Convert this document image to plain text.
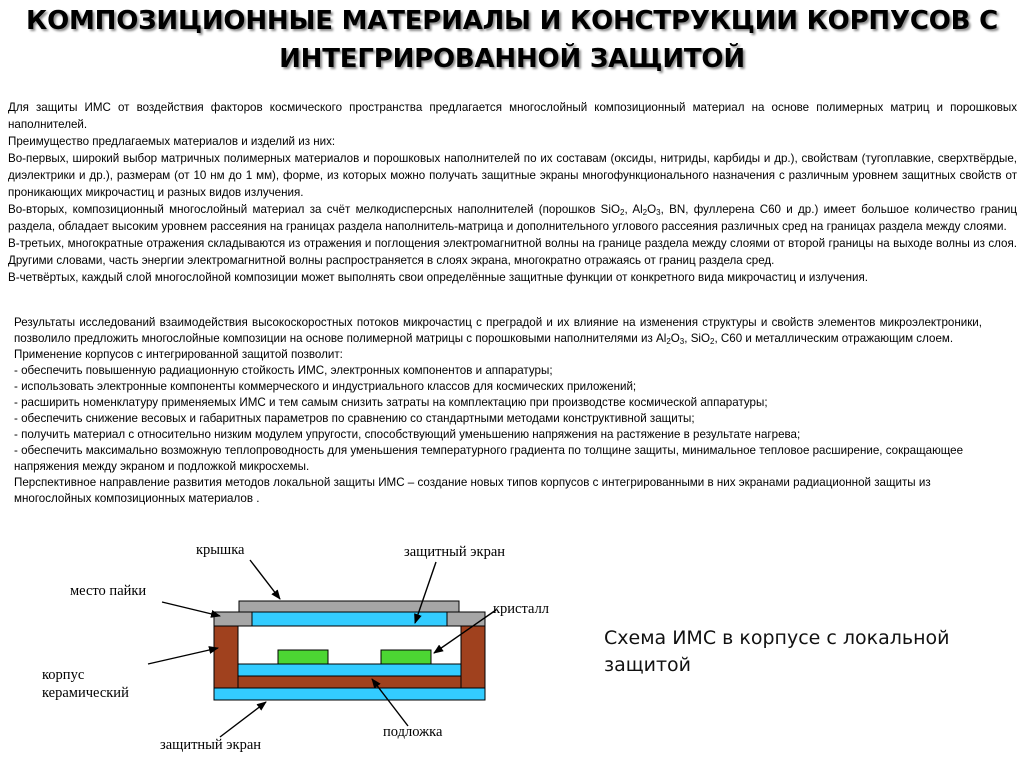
КОМПОЗИЦИОННЫЕ МАТЕРИАЛЫ И КОНСТРУКЦИИ КОРПУСОВ С
ИНТЕГРИРОВАННОЙ ЗАЩИТОЙ

Для защиты ИМС от воздействия факторов космического пространства предлагается многослойный композиционный материал на основе полимерных матриц и порошковых наполнителей.

Преимущество предлагаемых материалов и изделий из них:

Во-первых, широкий выбор матричных полимерных материалов и порошковых наполнителей по их составам (оксиды, нитриды, карбиды и др.), свойствам (тугоплавкие, сверхтвёрдые, диэлектрики и др.), размерам (от 10 нм до 1 мм), форме, из которых можно получать защитные экраны многофункционального назначения с различным уровнем защитных свойств от проникающих микрочастиц и разных видов излучения.

Во-вторых, композиционный многослойный материал за счёт мелкодисперсных наполнителей (порошков SiO$_2$, $Al_2O_3$, BN, фуллерена C60 и др.) имеет большое количество границ раздела, обладает высоким уровнем рассеяния на границах раздела наполнитель-матрица и дополнительного углового рассеяния различных сред на границах раздела между слоями.

В-третьих, многократные отражения складываются из отражения и поглощения электромагнитной волны на границе раздела между слоями от второй границы на выходе волны из слоя. Другими словами, часть энергии электромагнитной волны распространяется в слоях экрана, многократно отражаясь от границ раздела сред.

В-четвёртых, каждый слой многослойной композиции может выполнять свои определённые защитные функции от конкретного вида микрочастиц и излучения.

Результаты исследований взаимодействия высокоскоростных потоков микрочастиц с преградой и их влияние на изменения структуры и свойств элементов микроэлектроники, позволило предложить многослойные композиции на основе полимерной матрицы с порошковыми наполнителями из $Al_2O_3$, SiO$_2$, C60 и металлическим отражающим слоем.

Применение корпусов с интегрированной защитой позволит:

- обеспечить повышенную радиационную стойкость ИМС, электронных компонентов и аппаратуры;

- использовать электронные компоненты коммерческого и индустриального классов для космических приложений;

- расширить номенклатуру применяемых ИМС и тем самым снизить затраты на комплектацию при производстве космической аппаратуры;

- обеспечить снижение весовых и габаритных параметров по сравнению со стандартными методами конструктивной защиты;

- получить материал с относительно низким модулем упругости, способствующий уменьшению напряжения на растяжение в результате нагрева;

- обеспечить максимально возможную теплопроводность для уменьшения температурного градиента по толщине защиты, минимальное тепловое расширение, сокращающее напряжения между экраном и подложкой микросхемы.

Перспективное направление развития методов локальной защиты ИМС – создание новых типов корпусов с интегрированными в них экранами радиационной защиты из многослойных композиционных материалов .

крышка	защитный экран
место пайки
кристалл
корпус
керамический
подложка
защитный экран
Схема ИМС в корпусе с локальной защитой
